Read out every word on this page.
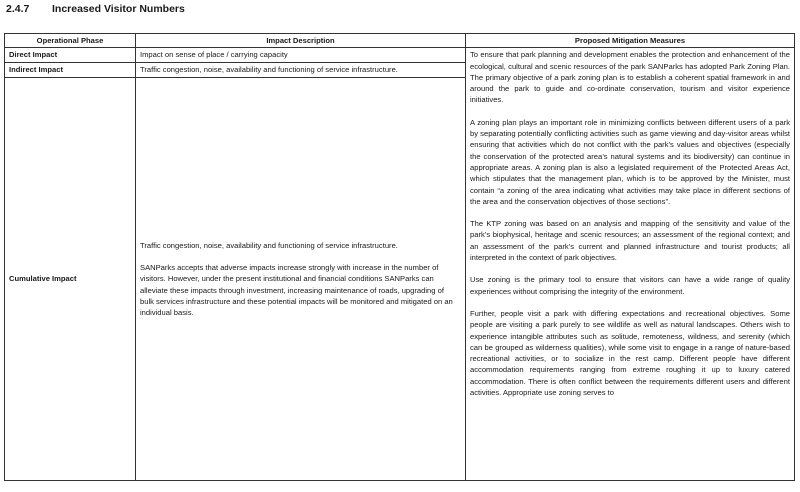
2.4.7 Increased Visitor Numbers
Operational Phase	Impact Description	Proposed Mitigation Measures
Direct Impact	Impact on sense of place / carrying capacity	To ensure that park planning and development enables the protection and enhancement of the ecological, cultural and scenic resources of the park SANParks has adopted Park Zoning Plan. The primary objective of a park zoning plan is to establish a coherent spatial framework in and around the park to guide and co-ordinate conservation, tourism and visitor experience initiatives.

A zoning plan plays an important role in minimizing conflicts between different users of a park by separating potentially conflicting activities such as game viewing and day-visitor areas whilst ensuring that activities which do not conflict with the park’s values and objectives (especially the conservation of the protected area’s natural systems and its biodiversity) can continue in appropriate areas. A zoning plan is also a legislated requirement of the Protected Areas Act, which stipulates that the management plan, which is to be approved by the Minister, must contain “a zoning of the area indicating what activities may take place in different sections of the area and the conservation objectives of those sections”.

The KTP zoning was based on an analysis and mapping of the sensitivity and value of the park’s biophysical, heritage and scenic resources; an assessment of the regional context; and an assessment of the park’s current and planned infrastructure and tourist products; all interpreted in the context of park objectives.

Use zoning is the primary tool to ensure that visitors can have a wide range of quality experiences without comprising the integrity of the environment.

Further, people visit a park with differing expectations and recreational objectives. Some people are visiting a park purely to see wildlife as well as natural landscapes. Others wish to experience intangible attributes such as solitude, remoteness, wildness, and serenity (which can be grouped as wilderness qualities), while some visit to engage in a range of nature-based recreational activities, or to socialize in the rest camp. Different people have different accommodation requirements ranging from extreme roughing it up to luxury catered accommodation. There is often conflict between the requirements different users and different activities. Appropriate use zoning serves to

Indirect Impact	Traffic congestion, noise, availability and functioning of service infrastructure.	
Cumulative Impact	Traffic congestion, noise, availability and functioning of service infrastructure.

SANParks accepts that adverse impacts increase strongly with increase in the number of visitors. However, under the present institutional and financial conditions SANParks can alleviate these impacts through investment, increasing maintenance of roads, upgrading of bulk services infrastructure and these potential impacts will be monitored and mitigated on an individual basis.	
